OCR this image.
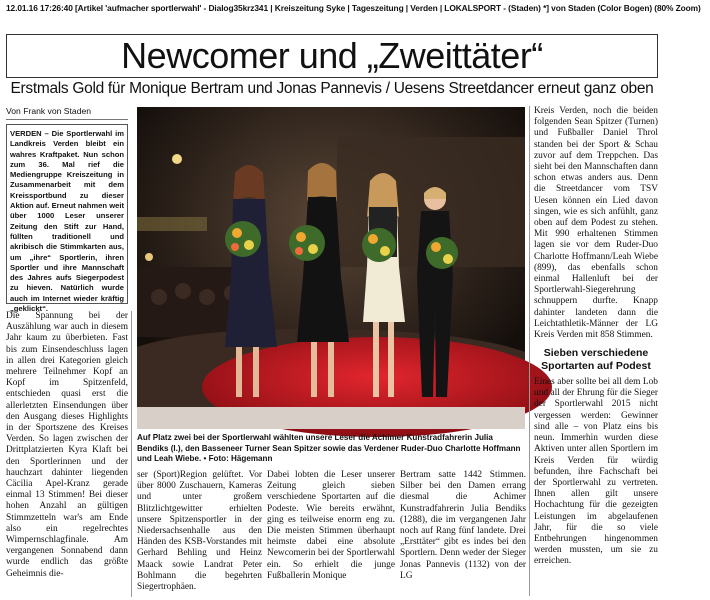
12.01.16 17:26:40 [Artikel 'aufmacher sportlerwahl' - Dialog35krz341 | Kreiszeitung Syke | Tageszeitung | Verden | LOKALSPORT - (Staden) *] von Staden (Color Bogen) (80% Zoom)
Newcomer und „Zweittäter“
Erstmals Gold für Monique Bertram und Jonas Pannevis / Uesens Streetdancer erneut ganz oben
Von Frank von Staden
VERDEN – Die Sportlerwahl im Landkreis Verden bleibt ein wahres Kraftpaket. Nun schon zum 36. Mal rief die Mediengruppe Kreiszeitung in Zusammenarbeit mit dem Kreissportbund zu dieser Aktion auf. Erneut nahmen weit über 1000 Leser unserer Zeitung den Stift zur Hand, füllten traditionell und akribisch die Stimmkarten aus, um „ihre“ Sportlerin, ihren Sportler und ihre Mannschaft des Jahres aufs Siegerpodest zu hieven. Natürlich wurde auch im Internet wieder kräftig „geklickt“.
Die Spannung bei der Auszählung war auch in diesem Jahr kaum zu überbieten. Fast bis zum Einsendeschluss lagen in allen drei Kategorien gleich mehrere Teilnehmer Kopf an Kopf im Spitzenfeld, entschieden quasi erst die allerletzten Einsendungen über den Ausgang dieses Highlights in der Sportszene des Kreises Verden. So lagen zwischen der Drittplatzierten Kyra Klaft bei den Sportlerinnen und der hauchzart dahinter liegenden Cäcilia Apel-Kranz gerade einmal 13 Stimmen! Bei dieser hohen Anzahl an gültigen Stimmzetteln war's am Ende also ein regelrechtes Wimpernschlagfinale. Am vergangenen Sonnabend dann wurde endlich das größte Geheimnis die-
Auf Platz zwei bei der Sportlerwahl wählten unsere Leser die Achimer Kunstradfahrerin Julia Bendiks (l.), den Basseneer Turner Sean Spitzer sowie das Verdener Ruder-Duo Charlotte Hoffmann und Leah Wiebe. • Foto: Hägemann
ser (Sport)Region gelüftet. Vor über 8000 Zuschauern, Kameras und unter großem Blitzlichtgewitter erhielten unsere Spitzensportler in der Niedersachsenhalle aus den Händen des KSB-Vorstandes mit Gerhard Behling und Heinz Maack sowie Landrat Peter Bohlmann die begehrten Siegertrophäen.
Dabei lobten die Leser unserer Zeitung gleich sieben verschiedene Sportarten auf die Podeste. Wie bereits erwähnt, ging es teilweise enorm eng zu. Die meisten Stimmen überhaupt heimste dabei eine absolute Newcomerin bei der Sportlerwahl ein. So erhielt die junge Fußballerin Monique
Bertram satte 1442 Stimmen. Silber bei den Damen errang diesmal die Achimer Kunstradfahrerin Julia Bendiks (1288), die im vergangenen Jahr noch auf Rang fünf landete. Drei „Ersttäter“ gibt es indes bei den Sportlern. Denn weder der Sieger Jonas Pannevis (1132) von der LG

Kreis Verden, noch die beiden folgenden Sean Spitzer (Turnen) und Fußballer Daniel Throl standen bei der Sport & Schau zuvor auf dem Treppchen. Das sieht bei den Mannschaften dann schon etwas anders aus. Denn die Streetdancer vom TSV Uesen können ein Lied davon singen, wie es sich anfühlt, ganz oben auf dem Podest zu stehen. Mit 990 erhaltenen Stimmen lagen sie vor dem Ruder-Duo Charlotte Hoffmann/Leah Wiebe (899), das ebenfalls schon einmal Hallenluft bei der Sportlerwahl-Siegerehrung schnuppern durfte. Knapp dahinter landeten dann die Leichtathletik-Männer der LG Kreis Verden mit 858 Stimmen.

Sieben verschiedene Sportarten auf Podest

Eines aber sollte bei all dem Lob und all der Ehrung für die Sieger der Sportlerwahl 2015 nicht vergessen werden: Gewinner sind alle – von Platz eins bis neun. Immerhin wurden diese Aktiven unter allen Sportlern im Kreis Verden für würdig befunden, ihre Fachschaft bei der Sportlerwahl zu vertreten. Ihnen allen gilt unsere Hochachtung für die gezeigten Leistungen im abgelaufenen Jahr, für die so viele Entbehrungen hingenommen werden mussten, um sie zu erreichen.
